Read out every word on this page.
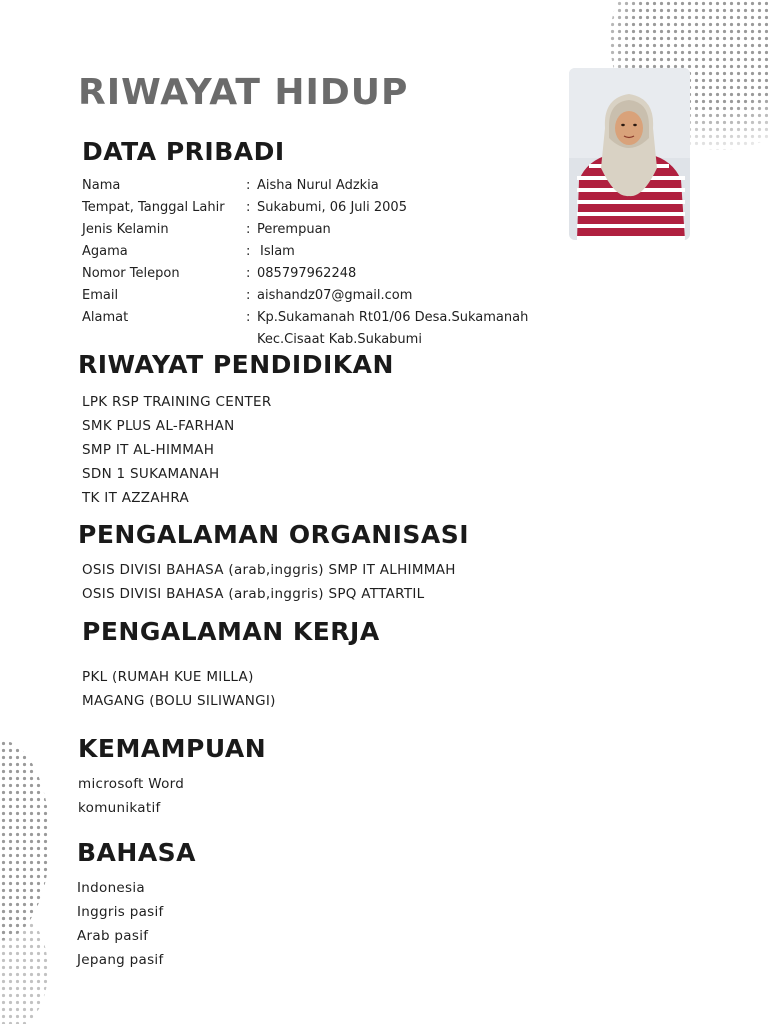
RIWAYAT HIDUP
DATA PRIBADI
Nama	: Aisha Nurul Adzkia
Tempat, Tanggal Lahir : Sukabumi, 06 Juli 2005
Jenis Kelamin	: Perempuan
Agama	: Islam
Nomor Telepon	: 085797962248
Email	: aishandz07@gmail.com
Alamat	: Kp.Sukamanah Rt01/06 Desa.Sukamanah
Kec.Cisaat Kab.Sukabumi
RIWAYAT PENDIDIKAN
LPK RSP TRAINING CENTER
SMK PLUS AL-FARHAN
SMP IT AL-HIMMAH
SDN 1 SUKAMANAH
TK IT AZZAHRA
PENGALAMAN ORGANISASI
OSIS DIVISI BAHASA (arab,inggris) SMP IT ALHIMMAH
OSIS DIVISI BAHASA (arab,inggris) SPQ ATTARTIL
PENGALAMAN KERJA
PKL (RUMAH KUE MILLA)
MAGANG (BOLU SILIWANGI)
KEMAMPUAN
microsoft Word
komunikatif
BAHASA
Indonesia
Inggris pasif
Arab pasif
Jepang pasif
